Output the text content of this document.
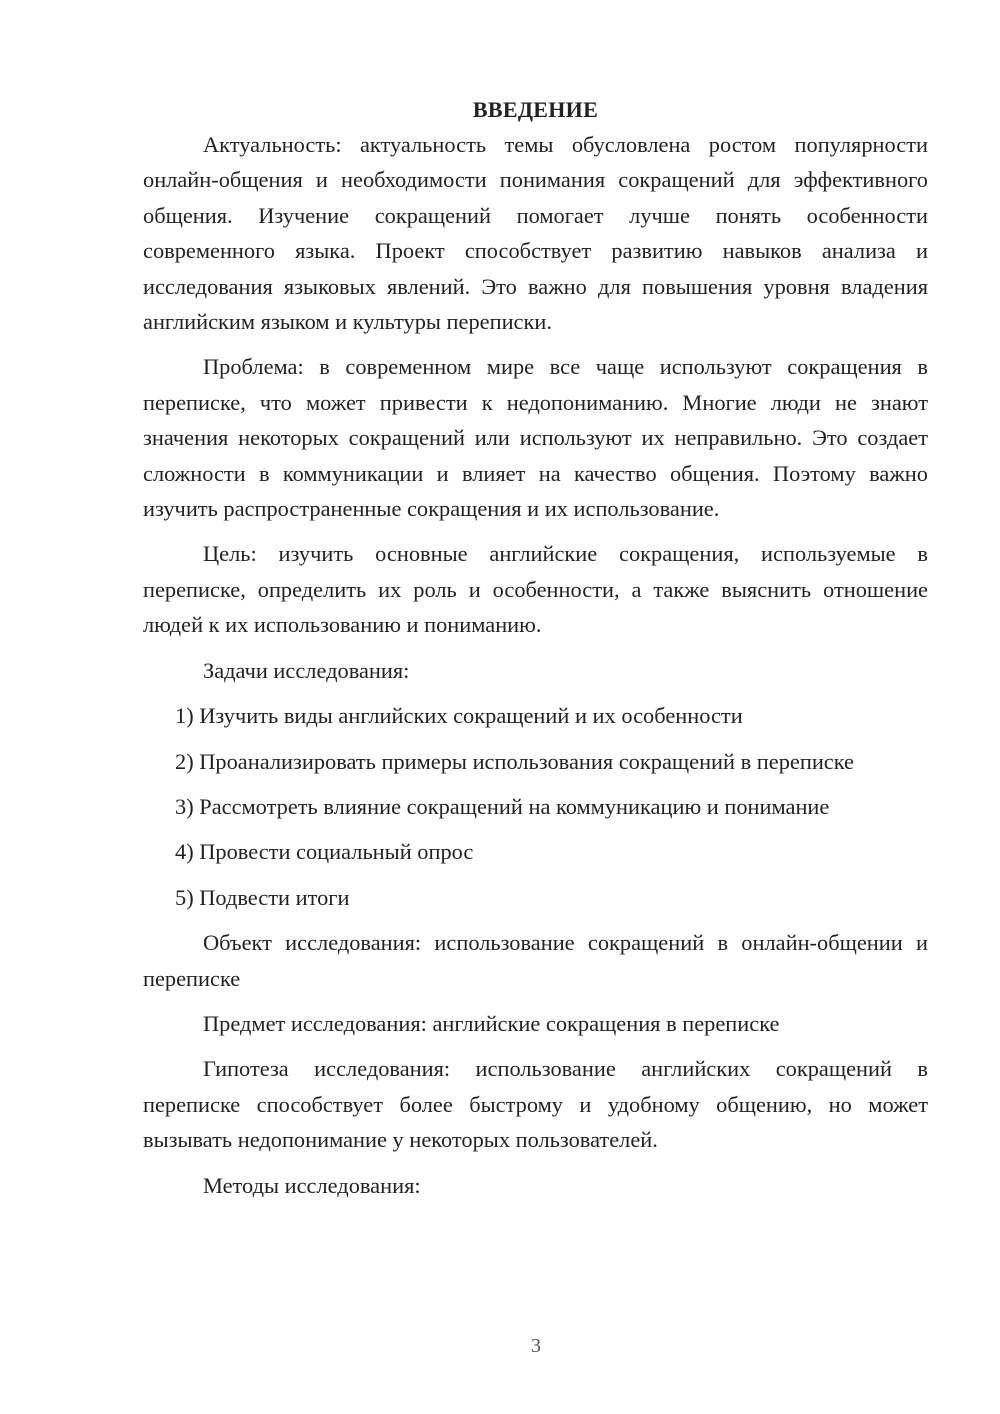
ВВЕДЕНИЕ

Актуальность: актуальность темы обусловлена ростом популярности онлайн-общения и необходимости понимания сокращений для эффективного общения. Изучение сокращений помогает лучше понять особенности современного языка. Проект способствует развитию навыков анализа и исследования языковых явлений. Это важно для повышения уровня владения английским языком и культуры переписки.

Проблема: в современном мире все чаще используют сокращения в переписке, что может привести к недопониманию. Многие люди не знают значения некоторых сокращений или используют их неправильно. Это создает сложности в коммуникации и влияет на качество общения. Поэтому важно изучить распространенные сокращения и их использование.

Цель: изучить основные английские сокращения, используемые в переписке, определить их роль и особенности, а также выяснить отношение людей к их использованию и пониманию.

Задачи исследования:

1) Изучить виды английских сокращений и их особенности

2) Проанализировать примеры использования сокращений в переписке

3) Рассмотреть влияние сокращений на коммуникацию и понимание

4) Провести социальный опрос

5) Подвести итоги

Объект исследования: использование сокращений в онлайн-общении и переписке

Предмет исследования: английские сокращения в переписке

Гипотеза исследования: использование английских сокращений в переписке способствует более быстрому и удобному общению, но может вызывать недопонимание у некоторых пользователей.

Методы исследования:

3
